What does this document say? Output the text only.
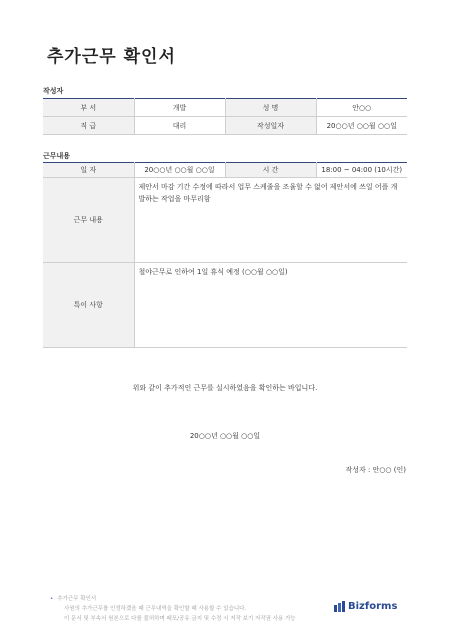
추가근무 확인서
작성자
부 서	개발	성 명	안○○
직 급	대리	작성일자	20○○년 ○○월 ○○일
근무내용
일 자	20○○년 ○○월 ○○일	시 간	18:00 ~ 04:00 (10시간)
근무 내용	제안서 마감 기간 수정에 따라서 업무 스케줄을 조율할 수 없어 제안서에 쓰일 어플 개발하는 작업을 마무리함		
특이 사항	철야근무로 인하여 1일 휴식 예정 (○○월 ○○일)		
위와 같이 추가적인 근무를 실시하였음을 확인하는 바입니다.
20○○년 ○○월 ○○일
작성자 : 안○○ (인)
• 추가근무 확인서
사원의 추가근무를 인정하겠음 때 근무내역을 확인할 때 사용할 수 있습니다.
이 문서 및 부속서 원본으로 다를 불허하며 배포/공유 금지 및 수정 시 저작 보기 저작권 사용 가능
Bizforms
